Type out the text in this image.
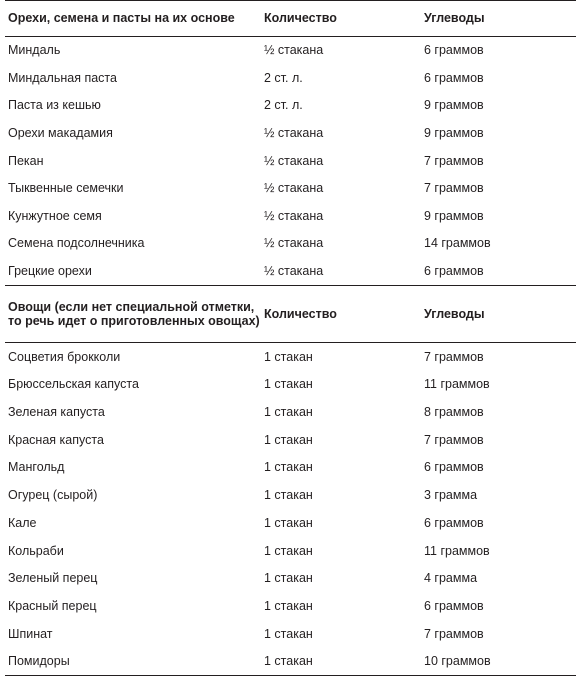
Орехи, семена и пасты на их основе	Количество	Углеводы
Миндаль	½ стакана	6 граммов
Миндальная паста	2 ст. л.	6 граммов
Паста из кешью	2 ст. л.	9 граммов
Орехи макадамия	½ стакана	9 граммов
Пекан	½ стакана	7 граммов
Тыквенные семечки	½ стакана	7 граммов
Кунжутное семя	½ стакана	9 граммов
Семена подсолнечника	½ стакана	14 граммов
Грецкие орехи	½ стакана	6 граммов
Овощи (если нет специальной отметки, то речь идет о приготовленных овощах)	Количество	Углеводы
Соцветия брокколи	1 стакан	7 граммов
Брюссельская капуста	1 стакан	11 граммов
Зеленая капуста	1 стакан	8 граммов
Красная капуста	1 стакан	7 граммов
Мангольд	1 стакан	6 граммов
Огурец (сырой)	1 стакан	3 грамма
Кале	1 стакан	6 граммов
Кольраби	1 стакан	11 граммов
Зеленый перец	1 стакан	4 грамма
Красный перец	1 стакан	6 граммов
Шпинат	1 стакан	7 граммов
Помидоры	1 стакан	10 граммов
